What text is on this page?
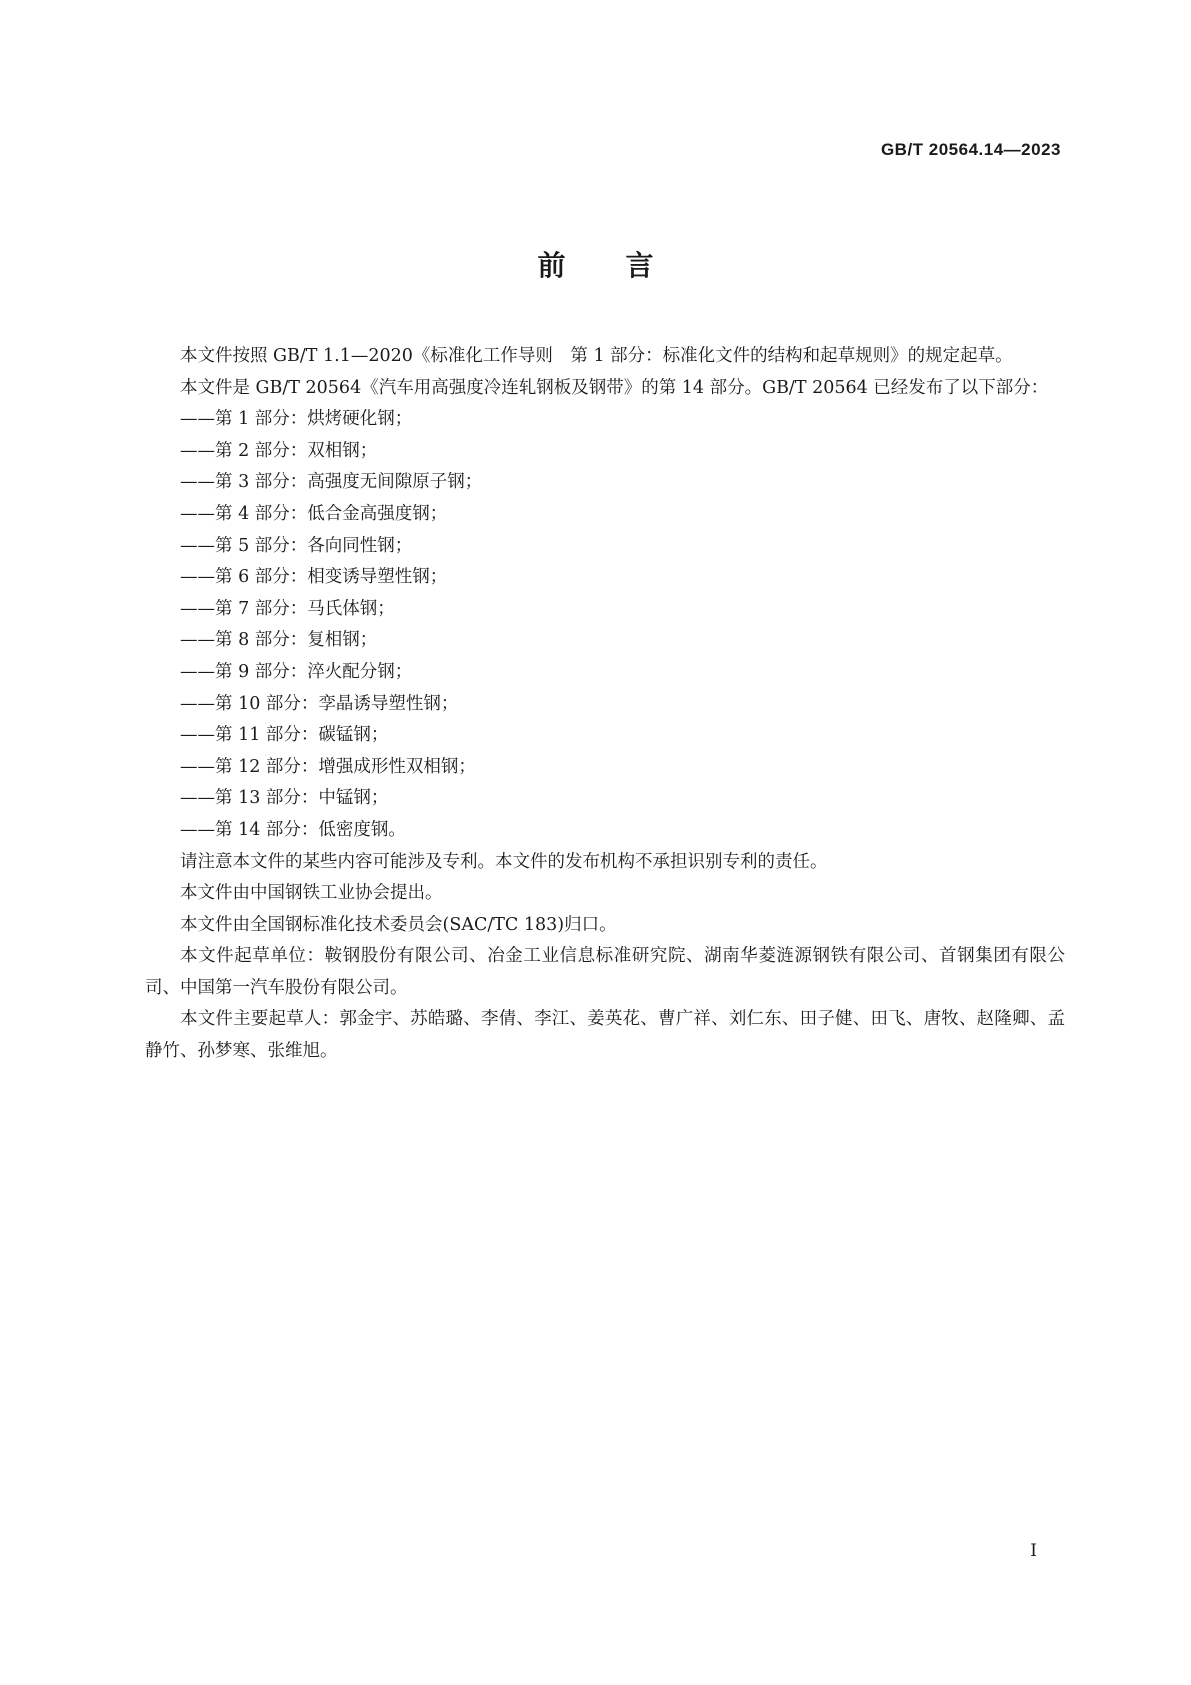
GB/T 20564.14—2023
前言

本文件按照 GB/T 1.1—2020《标准化工作导则　第 1 部分：标准化文件的结构和起草规则》的规定起草。

本文件是 GB/T 20564《汽车用高强度冷连轧钢板及钢带》的第 14 部分。GB/T 20564 已经发布了以下部分：

——第 1 部分：烘烤硬化钢；
——第 2 部分：双相钢；
——第 3 部分：高强度无间隙原子钢；
——第 4 部分：低合金高强度钢；
——第 5 部分：各向同性钢；
——第 6 部分：相变诱导塑性钢；
——第 7 部分：马氏体钢；
——第 8 部分：复相钢；
——第 9 部分：淬火配分钢；
——第 10 部分：孪晶诱导塑性钢；
——第 11 部分：碳锰钢；
——第 12 部分：增强成形性双相钢；
——第 13 部分：中锰钢；
——第 14 部分：低密度钢。

请注意本文件的某些内容可能涉及专利。本文件的发布机构不承担识别专利的责任。

本文件由中国钢铁工业协会提出。

本文件由全国钢标准化技术委员会(SAC/TC 183)归口。

本文件起草单位：鞍钢股份有限公司、冶金工业信息标准研究院、湖南华菱涟源钢铁有限公司、首钢集团有限公司、中国第一汽车股份有限公司。

本文件主要起草人：郭金宇、苏皓璐、李倩、李江、姜英花、曹广祥、刘仁东、田子健、田飞、唐牧、赵隆卿、孟静竹、孙梦寒、张维旭。

I
